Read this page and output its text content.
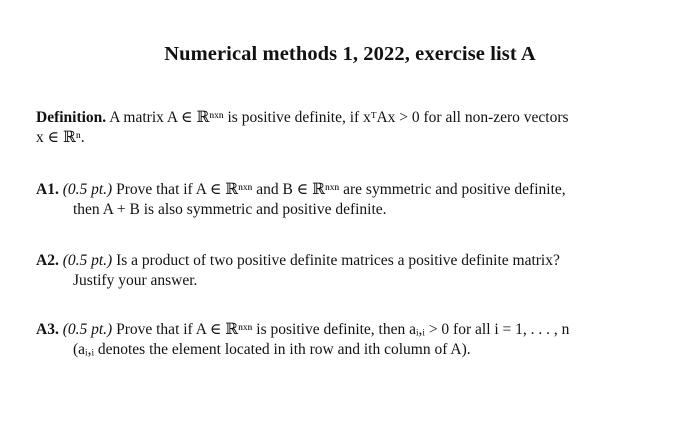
Numerical methods 1, 2022, exercise list A
Definition. A matrix A ∈ ℝⁿˣⁿ is positive definite, if xᵀAx > 0 for all non-zero vectors
x ∈ ℝⁿ.
A1. (0.5 pt.) Prove that if A ∈ ℝⁿˣⁿ and B ∈ ℝⁿˣⁿ are symmetric and positive definite,
then A + B is also symmetric and positive definite.
A2. (0.5 pt.) Is a product of two positive definite matrices a positive definite matrix?
Justify your answer.
A3. (0.5 pt.) Prove that if A ∈ ℝⁿˣⁿ is positive definite, then aᵢ,ᵢ > 0 for all i = 1, . . . , n
(aᵢ,ᵢ denotes the element located in ith row and ith column of A).
